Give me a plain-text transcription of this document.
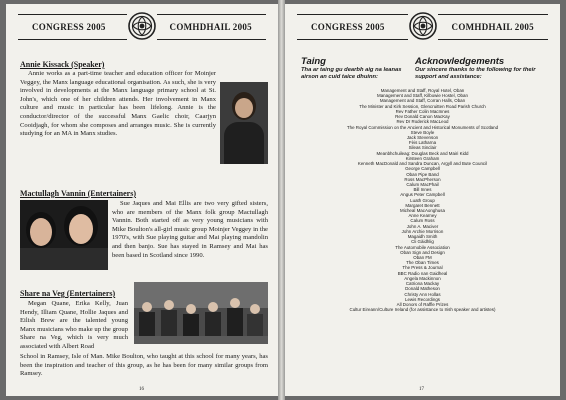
CONGRESS 2005	COMHDHAIL 2005
Annie Kissack (Speaker)
Annie works as a part-time teacher and education officer for Moinjer Veggey, the Manx language educational organisation. As such, she is very involved in developments at the Manx language primary school at St. John's, which one of her children attends. Her involvement in Manx culture and music in particular has been lifelong. Annie is the conductor/director of the successful Manx Gaelic choir, Caarjyn Cooidjagh, for whom she composes and arranges music. She is currently studying for an MA in Manx studies.
Mactullagh Vannin (Entertainers)
Sue Jaques and Mai Ellis are two very gifted sisters, who are members of the Manx folk group Mactullagh Vannin. Both started off as very young musicians with Mike Boulton's all-girl music group Moinjer Veggey in the 1970's, with Sue playing guitar and Mai playing mandolin and then banjo. Sue has stayed in Ramsey and Mai has been based in Scotland since 1990.
Share na Veg (Entertainers)
Megan Quane, Erika Kelly, Juan Hendy, Illiam Quane, Hollie Jaques and Eilish Brew are the talented young Manx musicians who make up the group Share na Veg, which is very much associated with Albert Road
School in Ramsey, Isle of Man. Mike Boulton, who taught at this school for many years, has been the inspiration and teacher of this group, as he has been for many similar groups from Ramsey.
16
CONGRESS 2005	COMHDHAIL 2005
Taing	Acknowledgements
Tha ar taing gu dearbh aig na leanas airson an cuid taice dhuinn:
Our sincere thanks to the following for their support and assistance:
Management and Staff, Royal Hotel, Oban
Management and Staff, Kilbowie Hostel, Oban
Management and Staff, Corran Halls, Oban
The Minister and Kirk Session, Glencruitten Road Parish Church
Rev Father Colin MacInnes
Rev Donald Canon MacKay
Rev Dr Roderick MacLeod
The Royal Commission on the Ancient and Historical Monuments of Scotland
Steve Boyle
Jack Stevenson
Fèis Latharna
Sileas Sinclair
Meanbhchuileag: Douglas Beck and Mairi Kidd
Kirsteen Graham
Kenneth MacDonald and Sandra Duncan, Argyll and Bute Council
George Campbell
Oban Pipe Band
Ross MacPherson
Calum MacPhail
Bill Innes
Angus Peter Campbell
Luath Group
Margaret Bennett
Micheal MacAonghusa
Anne Kearney
Calum Ross
John A. Maciver
John Archie Morrison
Magaidh Smith
Cli Gàidhlig
The Automobile Association
Oban Sign and Design
Oban FM
The Oban Times
The Press & Journal
BBC Radio nan Gaidheal
Angela Mackinnon
Catriona Mackay
Donald Matheson
Christy Ann Hollas
Lewis Recordings
All Donors of Raffle Prizes
Cultur Eireann/Culture Ireland (for assistance to Irish speaker and artistes)
17
